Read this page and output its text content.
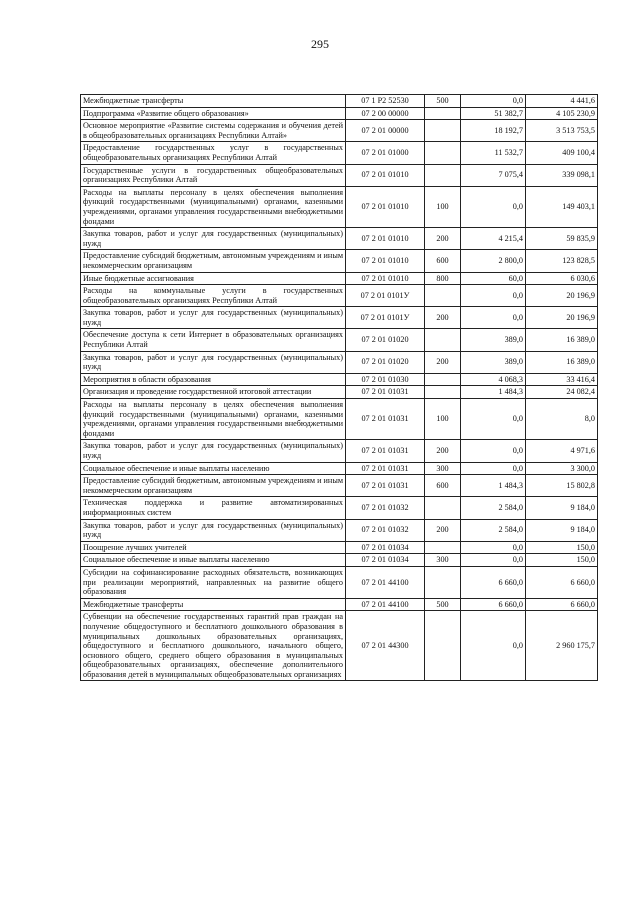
295
Межбюджетные трансферты	07 1 P2 52530	500	0,0	4 441,6
Подпрограмма «Развитие общего образования»	07 2 00 00000		51 382,7	4 105 230,9
Основное мероприятие «Развитие системы содержания и обучения детей в общеобразовательных организациях Республики Алтай»	07 2 01 00000		18 192,7	3 513 753,5
Предоставление государственных услуг в государственных общеобразовательных организациях Республики Алтай	07 2 01 01000		11 532,7	409 100,4
Государственные услуги в государственных общеобразовательных организациях Республики Алтай	07 2 01 01010		7 075,4	339 098,1
Расходы на выплаты персоналу в целях обеспечения выполнения функций государственными (муниципальными) органами, казенными учреждениями, органами управления государственными внебюджетными фондами	07 2 01 01010	100	0,0	149 403,1
Закупка товаров, работ и услуг для государственных (муниципальных) нужд	07 2 01 01010	200	4 215,4	59 835,9
Предоставление субсидий бюджетным, автономным учреждениям и иным некоммерческим организациям	07 2 01 01010	600	2 800,0	123 828,5
Иные бюджетные ассигнования	07 2 01 01010	800	60,0	6 030,6
Расходы на коммунальные услуги в государственных общеобразовательных организациях Республики Алтай	07 2 01 0101У		0,0	20 196,9
Закупка товаров, работ и услуг для государственных (муниципальных) нужд	07 2 01 0101У	200	0,0	20 196,9
Обеспечение доступа к сети Интернет в образовательных организациях Республики Алтай	07 2 01 01020		389,0	16 389,0
Закупка товаров, работ и услуг для государственных (муниципальных) нужд	07 2 01 01020	200	389,0	16 389,0
Мероприятия в области образования	07 2 01 01030		4 068,3	33 416,4
Организация и проведение государственной итоговой аттестации	07 2 01 01031		1 484,3	24 082,4
Расходы на выплаты персоналу в целях обеспечения выполнения функций государственными (муниципальными) органами, казенными учреждениями, органами управления государственными внебюджетными фондами	07 2 01 01031	100	0,0	8,0
Закупка товаров, работ и услуг для государственных (муниципальных) нужд	07 2 01 01031	200	0,0	4 971,6
Социальное обеспечение и иные выплаты населению	07 2 01 01031	300	0,0	3 300,0
Предоставление субсидий бюджетным, автономным учреждениям и иным некоммерческим организациям	07 2 01 01031	600	1 484,3	15 802,8
Техническая поддержка и развитие автоматизированных информационных систем	07 2 01 01032		2 584,0	9 184,0
Закупка товаров, работ и услуг для государственных (муниципальных) нужд	07 2 01 01032	200	2 584,0	9 184,0
Поощрение лучших учителей	07 2 01 01034		0,0	150,0
Социальное обеспечение и иные выплаты населению	07 2 01 01034	300	0,0	150,0
Субсидии на софинансирование расходных обязательств, возникающих при реализации мероприятий, направленных на развитие общего образования	07 2 01 44100		6 660,0	6 660,0
Межбюджетные трансферты	07 2 01 44100	500	6 660,0	6 660,0
Субвенции на обеспечение государственных гарантий прав граждан на получение общедоступного и бесплатного дошкольного образования в муниципальных дошкольных образовательных организациях, общедоступного и бесплатного дошкольного, начального общего, основного общего, среднего общего образования в муниципальных общеобразовательных организациях, обеспечение дополнительного образования детей в муниципальных общеобразовательных организациях	07 2 01 44300		0,0	2 960 175,7
